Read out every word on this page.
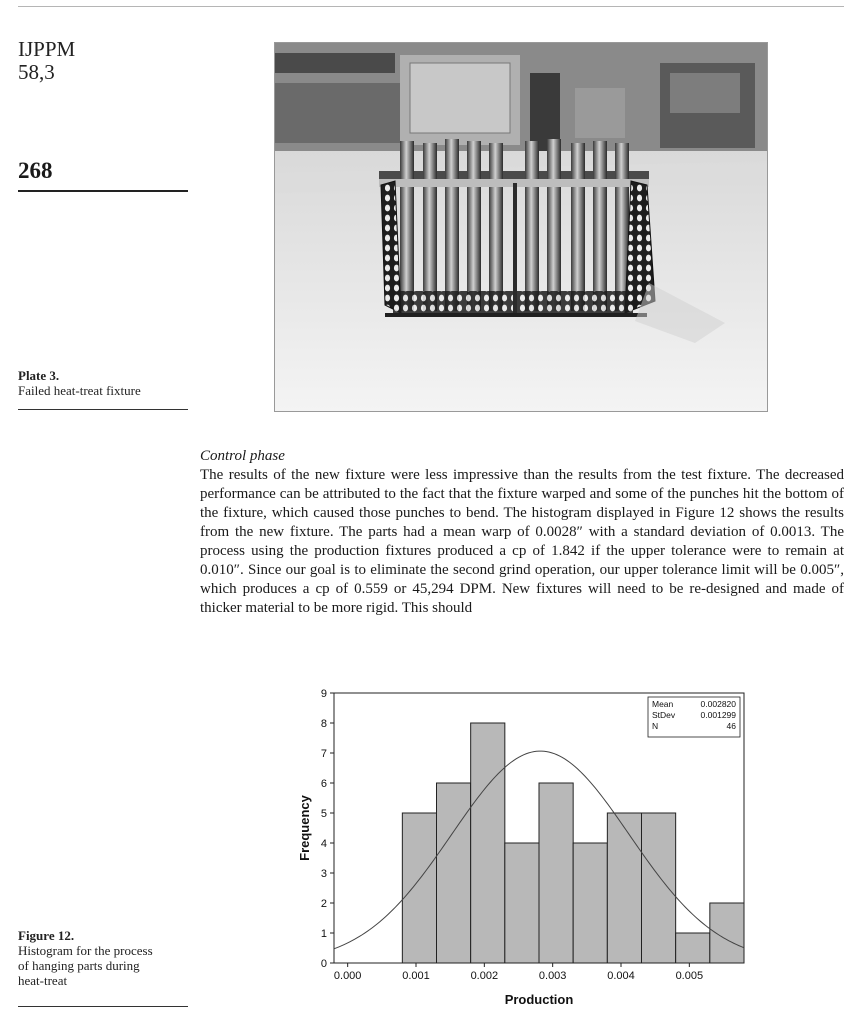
IJPPM
58,3
268
Plate 3.
Failed heat-treat fixture
Control phase

The results of the new fixture were less impressive than the results from the test fixture. The decreased performance can be attributed to the fact that the fixture warped and some of the punches hit the bottom of the fixture, which caused those punches to bend. The histogram displayed in Figure 12 shows the results from the new fixture. The parts had a mean warp of 0.0028″ with a standard deviation of 0.0013. The process using the production fixtures produced a cp of 1.842 if the upper tolerance were to remain at 0.010″. Since our goal is to eliminate the second grind operation, our upper tolerance limit will be 0.005″, which produces a cp of 0.559 or 45,294 DPM. New fixtures will need to be re-designed and made of thicker material to be more rigid. This should

0
1
2
3
4
5
6
7
8
9
0.000	0.001	0.002	0.003	0.004	0.005
Mean	0.002820
StDev	0.001299
N	46
Production
Frequency
Figure 12.
Histogram for the process
of hanging parts during
heat-treat
